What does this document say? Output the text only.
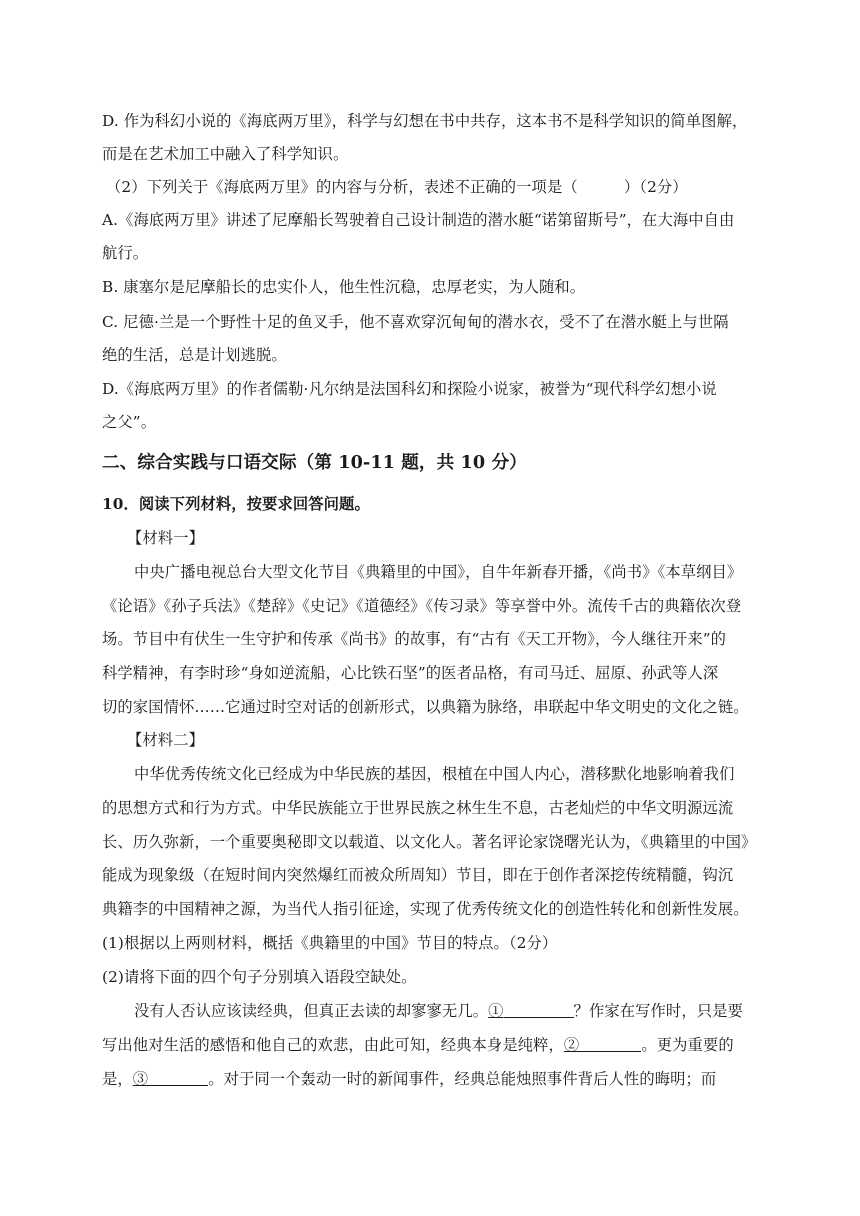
D. 作为科幻小说的《海底两万里》，科学与幻想在书中共存，这本书不是科学知识的简单图解，
而是在艺术加工中融入了科学知识。
（2）下列关于《海底两万里》的内容与分析，表述不正确的一项是（　　　）（2分）
A.《海底两万里》讲述了尼摩船长驾驶着自己设计制造的潜水艇“诺第留斯号”，在大海中自由
航行。
B. 康塞尔是尼摩船长的忠实仆人，他生性沉稳，忠厚老实，为人随和。
C. 尼德·兰是一个野性十足的鱼叉手，他不喜欢穿沉甸甸的潜水衣，受不了在潜水艇上与世隔
绝的生活，总是计划逃脱。
D.《海底两万里》的作者儒勒·凡尔纳是法国科幻和探险小说家，被誉为“现代科学幻想小说
之父”。
二、综合实践与口语交际（第 10-11 题，共 10 分）
10．阅读下列材料，按要求回答问题。
【材料一】
中央广播电视总台大型文化节目《典籍里的中国》，自牛年新春开播，《尚书》《本草纲目》
《论语》《孙子兵法》《楚辞》《史记》《道德经》《传习录》等享誉中外。流传千古的典籍依次登
场。节目中有伏生一生守护和传承《尚书》的故事，有“古有《天工开物》，今人继往开来”的
科学精神，有李时珍“身如逆流船，心比铁石坚”的医者品格，有司马迁、屈原、孙武等人深
切的家国情怀……它通过时空对话的创新形式，以典籍为脉络，串联起中华文明史的文化之链。
【材料二】
中华优秀传统文化已经成为中华民族的基因，根植在中国人内心，潜移默化地影响着我们
的思想方式和行为方式。中华民族能立于世界民族之林生生不息，古老灿烂的中华文明源远流
长、历久弥新，一个重要奥秘即文以载道、以文化人。著名评论家饶曙光认为，《典籍里的中国》
能成为现象级（在短时间内突然爆红而被众所周知）节目，即在于创作者深挖传统精髓，钩沉
典籍李的中国精神之源，为当代人指引征途，实现了优秀传统文化的创造性转化和创新性发展。
(1)根据以上两则材料，概括《典籍里的中国》节目的特点。（2分）
(2)请将下面的四个句子分别填入语段空缺处。
没有人否认应该读经典，但真正去读的却寥寥无几。①	？作家在写作时，只是要
写出他对生活的感悟和他自己的欢悲，由此可知，经典本身是纯粹，②	。更为重要的
是，③	。对于同一个轰动一时的新闻事件，经典总能烛照事件背后人性的晦明；而
